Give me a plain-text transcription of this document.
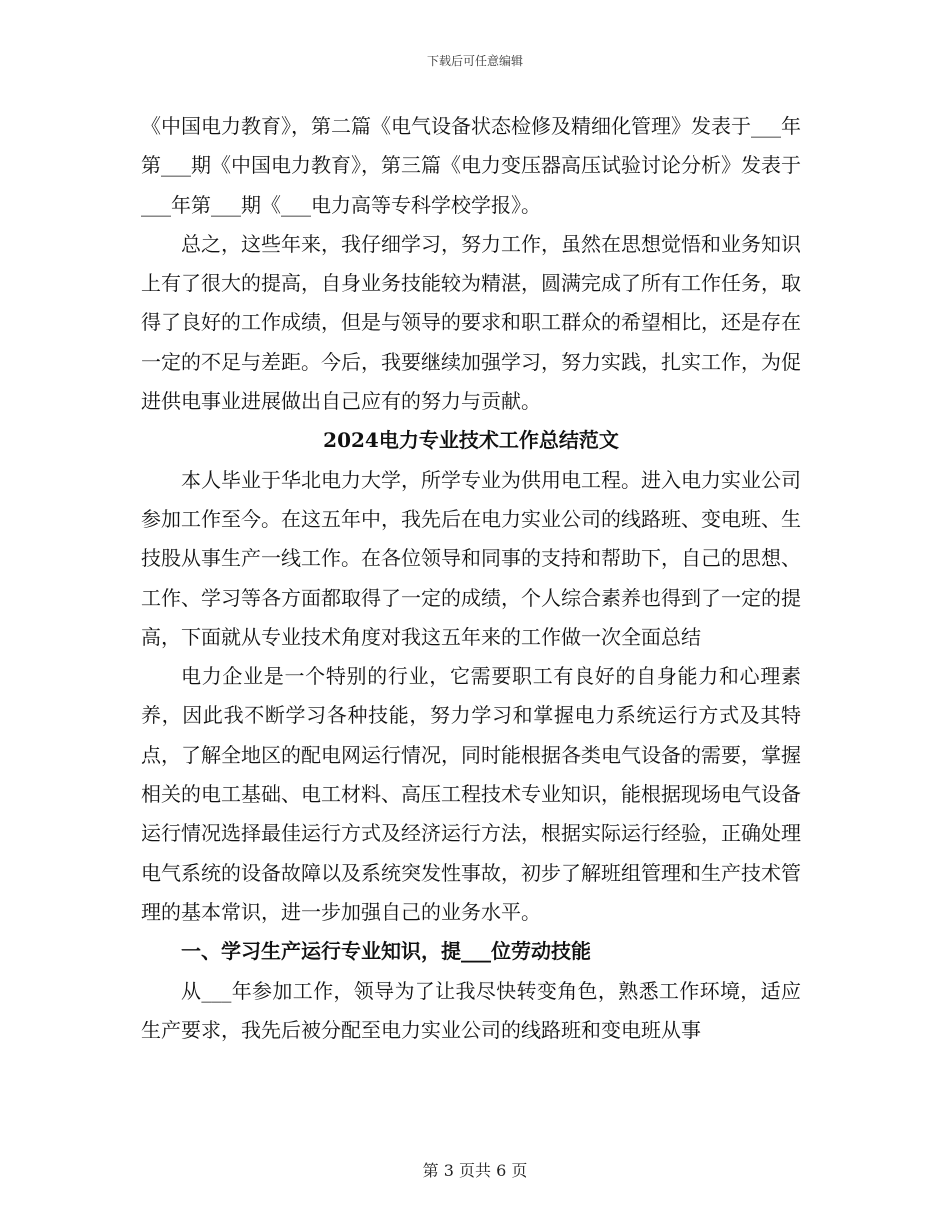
下载后可任意编辑

《中国电力教育》，第二篇《电气设备状态检修及精细化管理》发表于___年第___期《中国电力教育》，第三篇《电力变压器高压试验讨论分析》发表于___年第___期《___电力高等专科学校学报》。

总之，这些年来，我仔细学习，努力工作，虽然在思想觉悟和业务知识上有了很大的提高，自身业务技能较为精湛，圆满完成了所有工作任务，取得了良好的工作成绩，但是与领导的要求和职工群众的希望相比，还是存在一定的不足与差距。今后，我要继续加强学习，努力实践，扎实工作，为促进供电事业进展做出自己应有的努力与贡献。

2024电力专业技术工作总结范文

本人毕业于华北电力大学，所学专业为供用电工程。进入电力实业公司参加工作至今。在这五年中，我先后在电力实业公司的线路班、变电班、生技股从事生产一线工作。在各位领导和同事的支持和帮助下，自己的思想、工作、学习等各方面都取得了一定的成绩，个人综合素养也得到了一定的提高，下面就从专业技术角度对我这五年来的工作做一次全面总结

电力企业是一个特别的行业，它需要职工有良好的自身能力和心理素养，因此我不断学习各种技能，努力学习和掌握电力系统运行方式及其特点，了解全地区的配电网运行情况，同时能根据各类电气设备的需要，掌握相关的电工基础、电工材料、高压工程技术专业知识，能根据现场电气设备运行情况选择最佳运行方式及经济运行方法，根据实际运行经验，正确处理电气系统的设备故障以及系统突发性事故，初步了解班组管理和生产技术管理的基本常识，进一步加强自己的业务水平。

一、学习生产运行专业知识，提___位劳动技能

从___年参加工作，领导为了让我尽快转变角色，熟悉工作环境，适应生产要求，我先后被分配至电力实业公司的线路班和变电班从事

第 3 页共 6 页
